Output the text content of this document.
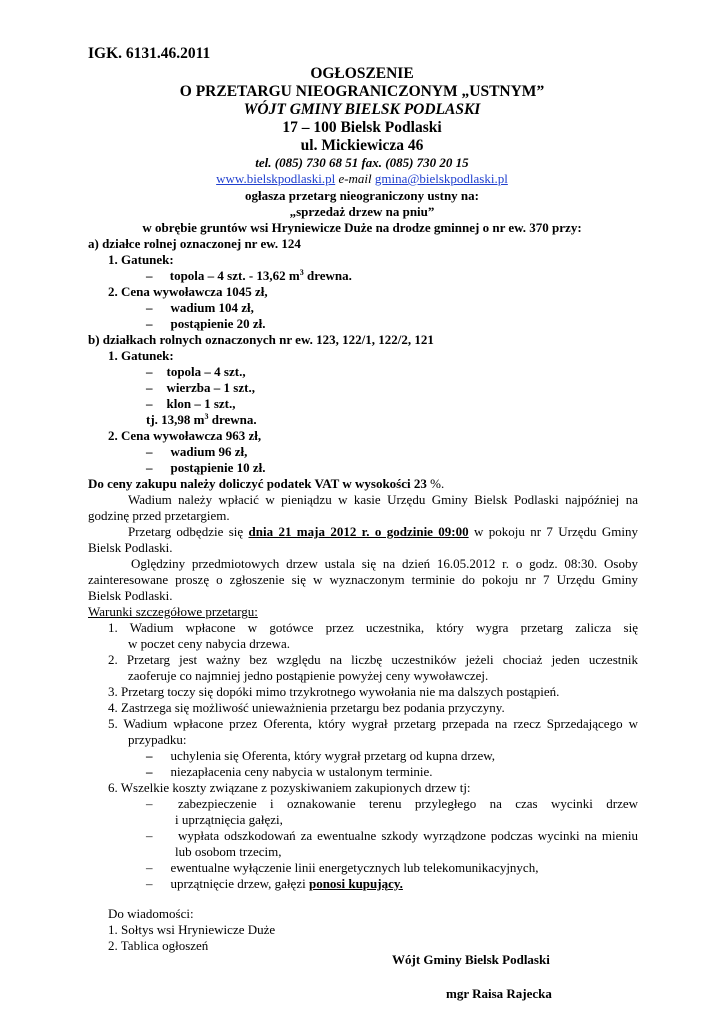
IGK. 6131.46.2011
OGŁOSZENIE
O PRZETARGU NIEOGRANICZONYM „USTNYM”
WÓJT GMINY BIELSK PODLASKI
17 – 100 Bielsk Podlaski
ul. Mickiewicza 46
tel. (085) 730 68 51 fax. (085) 730 20 15
www.bielskpodlaski.pl e-mail gmina@bielskpodlaski.pl
ogłasza przetarg nieograniczony ustny na:
„sprzedaż drzew na pniu”
w obrębie gruntów wsi Hryniewicze Duże na drodze gminnej o nr ew. 370 przy:
a) działce rolnej oznaczonej nr ew. 124
1. Gatunek:
– topola – 4 szt. - 13,62 $m^3$ drewna.
2. Cena wywoławcza 1045 zł,
– wadium 104 zł,
– postąpienie 20 zł.
b) działkach rolnych oznaczonych nr ew. 123, 122/1, 122/2, 121
1. Gatunek:
– topola – 4 szt.,
– wierzba – 1 szt.,
– klon – 1 szt.,
tj. 13,98 $m^3$ drewna.
2. Cena wywoławcza 963 zł,
– wadium 96 zł,
– postąpienie 10 zł.
Do ceny zakupu należy doliczyć podatek VAT w wysokości 23 %.
Wadium należy wpłacić w pieniądzu w kasie Urzędu Gminy Bielsk Podlaski najpóźniej na
godzinę przed przetargiem.
Przetarg odbędzie się dnia 21 maja 2012 r. o godzinie 09:00 w pokoju nr 7 Urzędu Gminy
Bielsk Podlaski.
Oględziny przedmiotowych drzew ustala się na dzień 16.05.2012 r. o godz. 08:30. Osoby
zainteresowane proszę o zgłoszenie się w wyznaczonym terminie do pokoju nr 7 Urzędu Gminy
Bielsk Podlaski.
Warunki szczegółowe przetargu:
1. Wadium wpłacone w gotówce przez uczestnika, który wygra przetarg zalicza się
w poczet ceny nabycia drzewa.
2. Przetarg jest ważny bez względu na liczbę uczestników jeżeli chociaż jeden uczestnik
zaoferuje co najmniej jedno postąpienie powyżej ceny wywoławczej.
3. Przetarg toczy się dopóki mimo trzykrotnego wywołania nie ma dalszych postąpień.
4. Zastrzega się możliwość unieważnienia przetargu bez podania przyczyny.
5. Wadium wpłacone przez Oferenta, który wygrał przetarg przepada na rzecz Sprzedającego w
przypadku:
– uchylenia się Oferenta, który wygrał przetarg od kupna drzew,
– niezapłacenia ceny nabycia w ustalonym terminie.
6. Wszelkie koszty związane z pozyskiwaniem zakupionych drzew tj:
– zabezpieczenie i oznakowanie terenu przyległego na czas wycinki drzew
i uprzątnięcia gałęzi,
– wypłata odszkodowań za ewentualne szkody wyrządzone podczas wycinki na mieniu
lub osobom trzecim,
– ewentualne wyłączenie linii energetycznych lub telekomunikacyjnych,
– uprzątnięcie drzew, gałęzi ponosi kupujący.
Do wiadomości:
1. Sołtys wsi Hryniewicze Duże
2. Tablica ogłoszeń
Wójt Gminy Bielsk Podlaski
mgr Raisa Rajecka
